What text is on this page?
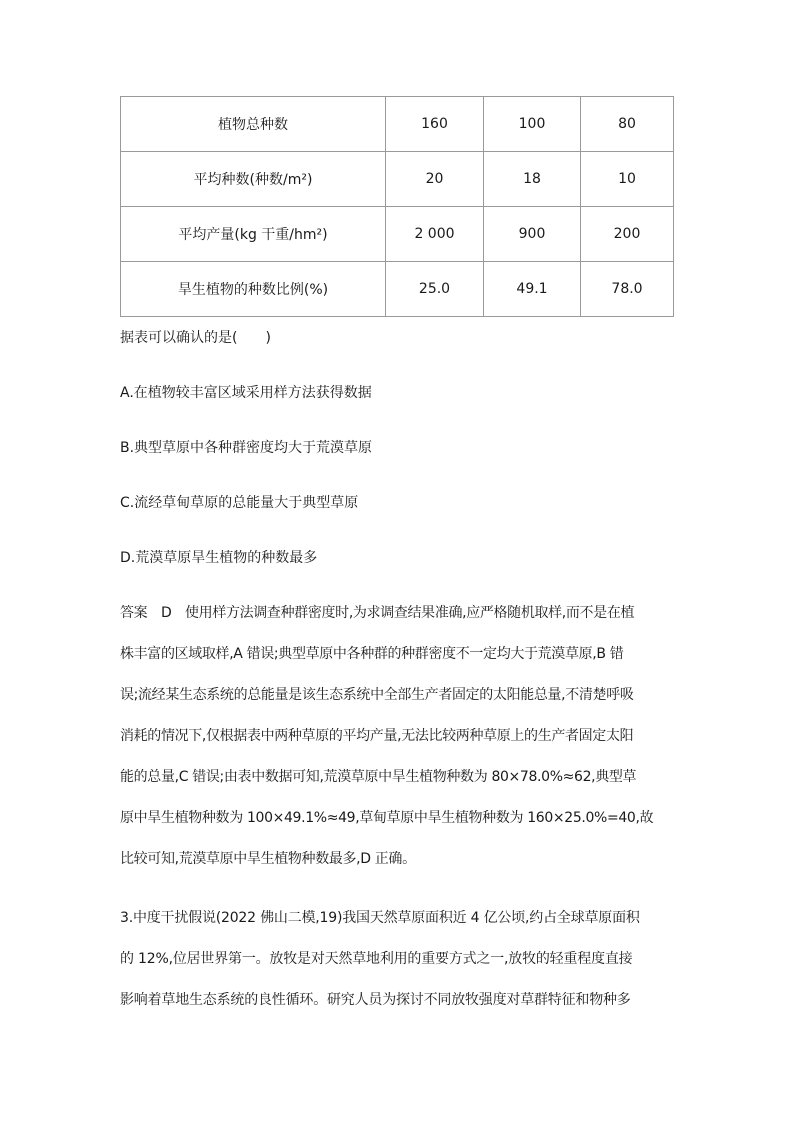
植物总种数	160	100	80
平均种数(种数/m²)	20	18	10
平均产量(kg 干重/hm²)	2 000	900	200
旱生植物的种数比例(%)	25.0	49.1	78.0
据表可以确认的是(　　)
A.在植物较丰富区域采用样方法获得数据
B.典型草原中各种群密度均大于荒漠草原
C.流经草甸草原的总能量大于典型草原
D.荒漠草原旱生植物的种数最多
答案　D　使用样方法调查种群密度时,为求调查结果准确,应严格随机取样,而不是在植
株丰富的区域取样,A 错误;典型草原中各种群的种群密度不一定均大于荒漠草原,B 错
误;流经某生态系统的总能量是该生态系统中全部生产者固定的太阳能总量,不清楚呼吸
消耗的情况下,仅根据表中两种草原的平均产量,无法比较两种草原上的生产者固定太阳
能的总量,C 错误;由表中数据可知,荒漠草原中旱生植物种数为 80×78.0%≈62,典型草
原中旱生植物种数为 100×49.1%≈49,草甸草原中旱生植物种数为 160×25.0%=40,故
比较可知,荒漠草原中旱生植物种数最多,D 正确。
3.中度干扰假说(2022 佛山二模,19)我国天然草原面积近 4 亿公顷,约占全球草原面积
的 12%,位居世界第一。放牧是对天然草地利用的重要方式之一,放牧的轻重程度直接
影响着草地生态系统的良性循环。研究人员为探讨不同放牧强度对草群特征和物种多
